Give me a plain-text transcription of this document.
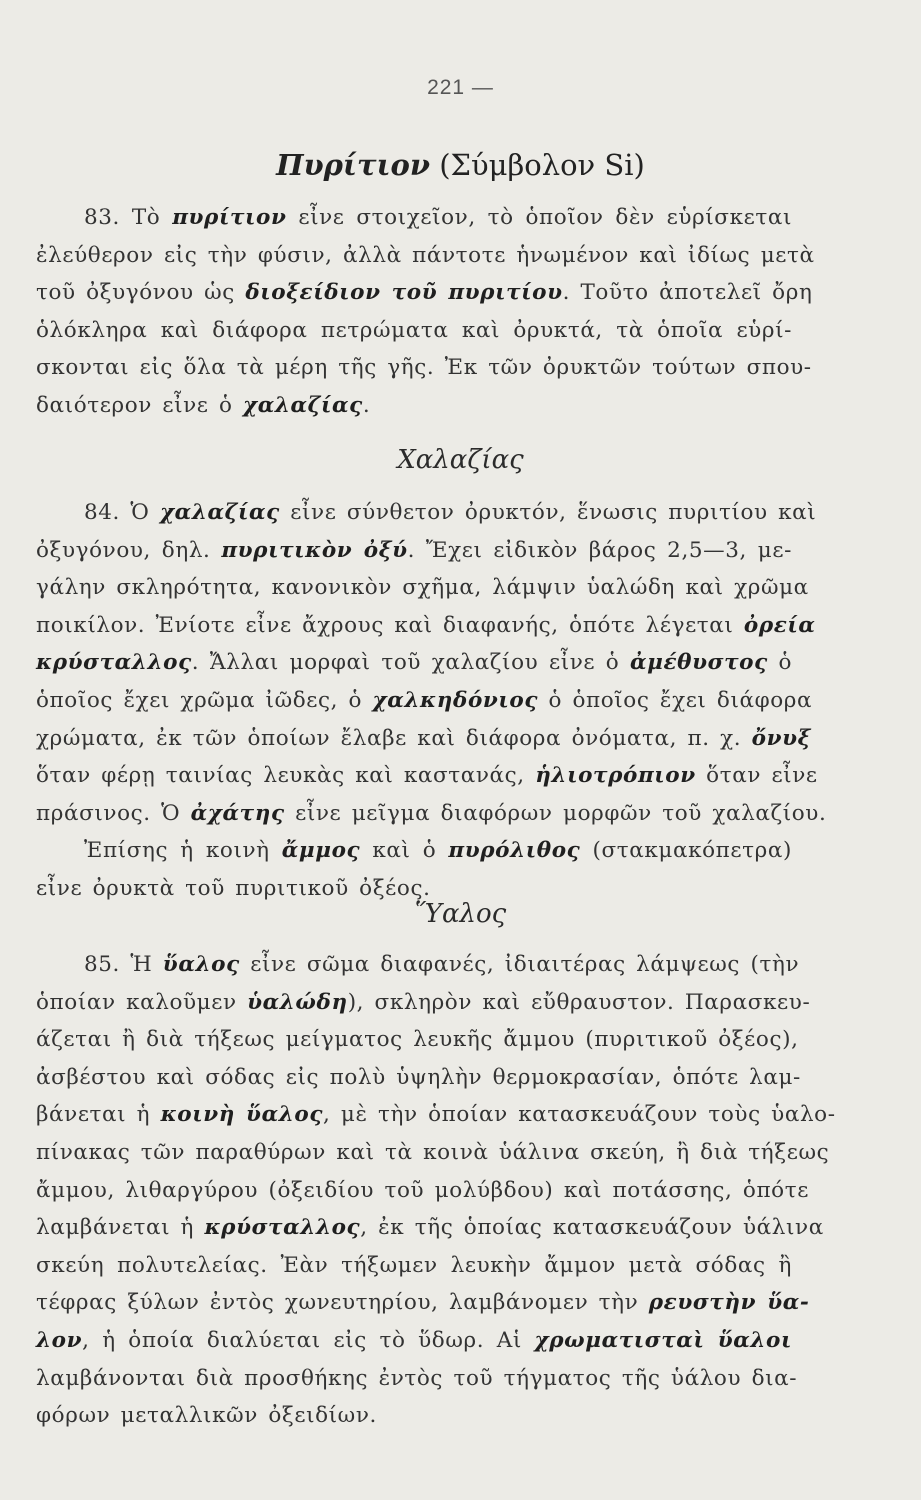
221 —
Πυρίτιον (Σύμβολον Si)
83. Τὸ πυρίτιον εἶνε στοιχεῖον, τὸ ὁποῖον δὲν εὑρίσκεται
ἐλεύθερον εἰς τὴν φύσιν, ἀλλὰ πάντοτε ἡνωμένον καὶ ἰδίως μετὰ
τοῦ ὀξυγόνου ὡς διοξείδιον τοῦ πυριτίου. Τοῦτο ἀποτελεῖ ὄρη
ὁλόκληρα καὶ διάφορα πετρώματα καὶ ὀρυκτά, τὰ ὁποῖα εὑρί-
σκονται εἰς ὅλα τὰ μέρη τῆς γῆς. Ἐκ τῶν ὀρυκτῶν τούτων σπου-
δαιότερον εἶνε ὁ χαλαζίας.
Χαλαζίας
84. Ὁ χαλαζίας εἶνε σύνθετον ὀρυκτόν, ἕνωσις πυριτίου καὶ
ὀξυγόνου, δηλ. πυριτικὸν ὀξύ. Ἔχει εἰδικὸν βάρος 2,5—3, με-
γάλην σκληρότητα, κανονικὸν σχῆμα, λάμψιν ὑαλώδη καὶ χρῶμα
ποικίλον. Ἐνίοτε εἶνε ἄχρους καὶ διαφανής, ὁπότε λέγεται ὀρεία
κρύσταλλος. Ἄλλαι μορφαὶ τοῦ χαλαζίου εἶνε ὁ ἀμέθυστος ὁ
ὁποῖος ἔχει χρῶμα ἰῶδες, ὁ χαλκηδόνιος ὁ ὁποῖος ἔχει διάφορα
χρώματα, ἐκ τῶν ὁποίων ἔλαβε καὶ διάφορα ὀνόματα, π. χ. ὄνυξ
ὅταν φέρῃ ταινίας λευκὰς καὶ καστανάς, ἡλιοτρόπιον ὅταν εἶνε
πράσινος. Ὁ ἀχάτης εἶνε μεῖγμα διαφόρων μορφῶν τοῦ χαλαζίου.
Ἐπίσης ἡ κοινὴ ἄμμος καὶ ὁ πυρόλιθος (στακμακόπετρα)
εἶνε ὀρυκτὰ τοῦ πυριτικοῦ ὀξέος.
Ὕαλος
85. Ἡ ὕαλος εἶνε σῶμα διαφανές, ἰδιαιτέρας λάμψεως (τὴν
ὁποίαν καλοῦμεν ὑαλώδη), σκληρὸν καὶ εὔθραυστον. Παρασκευ-
άζεται ἢ διὰ τήξεως μείγματος λευκῆς ἄμμου (πυριτικοῦ ὀξέος),
ἀσβέστου καὶ σόδας εἰς πολὺ ὑψηλὴν θερμοκρασίαν, ὁπότε λαμ-
βάνεται ἡ κοινὴ ὕαλος, μὲ τὴν ὁποίαν κατασκευάζουν τοὺς ὑαλο-
πίνακας τῶν παραθύρων καὶ τὰ κοινὰ ὑάλινα σκεύη, ἢ διὰ τήξεως
ἄμμου, λιθαργύρου (ὀξειδίου τοῦ μολύβδου) καὶ ποτάσσης, ὁπότε
λαμβάνεται ἡ κρύσταλλος, ἐκ τῆς ὁποίας κατασκευάζουν ὑάλινα
σκεύη πολυτελείας. Ἐὰν τήξωμεν λευκὴν ἄμμον μετὰ σόδας ἢ
τέφρας ξύλων ἐντὸς χωνευτηρίου, λαμβάνομεν τὴν ρευστὴν ὕα-
λον, ἡ ὁποία διαλύεται εἰς τὸ ὕδωρ. Αἱ χρωματισταὶ ὕαλοι
λαμβάνονται διὰ προσθήκης ἐντὸς τοῦ τήγματος τῆς ὑάλου δια-
φόρων μεταλλικῶν ὀξειδίων.
